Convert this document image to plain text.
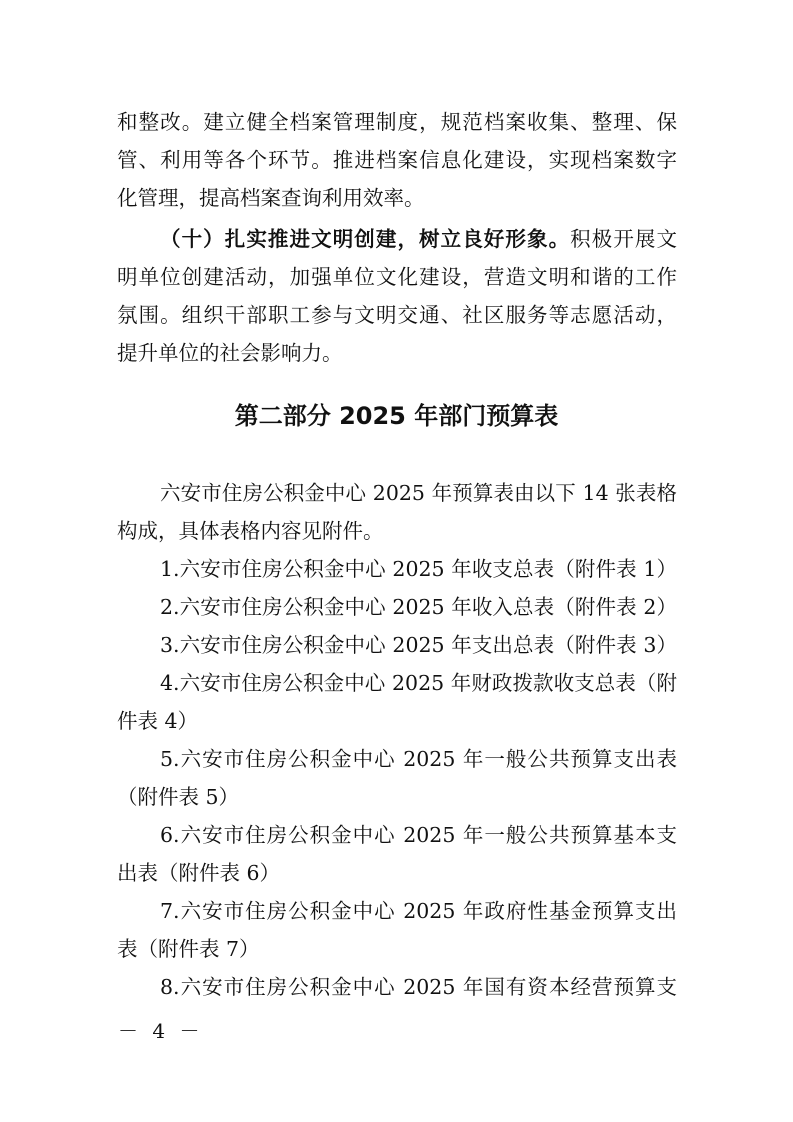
和整改。建立健全档案管理制度，规范档案收集、整理、保
管、利用等各个环节。推进档案信息化建设，实现档案数字
化管理，提高档案查询利用效率。
（十）扎实推进文明创建，树立良好形象。积极开展文
明单位创建活动，加强单位文化建设，营造文明和谐的工作
氛围。组织干部职工参与文明交通、社区服务等志愿活动，
提升单位的社会影响力。
第二部分 2025 年部门预算表
六安市住房公积金中心 2025 年预算表由以下 14 张表格
构成，具体表格内容见附件。
1.六安市住房公积金中心 2025 年收支总表（附件表 1）
2.六安市住房公积金中心 2025 年收入总表（附件表 2）
3.六安市住房公积金中心 2025 年支出总表（附件表 3）
4.六安市住房公积金中心 2025 年财政拨款收支总表（附
件表 4）
5.六安市住房公积金中心 2025 年一般公共预算支出表
（附件表 5）
6.六安市住房公积金中心 2025 年一般公共预算基本支
出表（附件表 6）
7.六安市住房公积金中心 2025 年政府性基金预算支出
表（附件表 7）
8.六安市住房公积金中心 2025 年国有资本经营预算支
－ 4 －
